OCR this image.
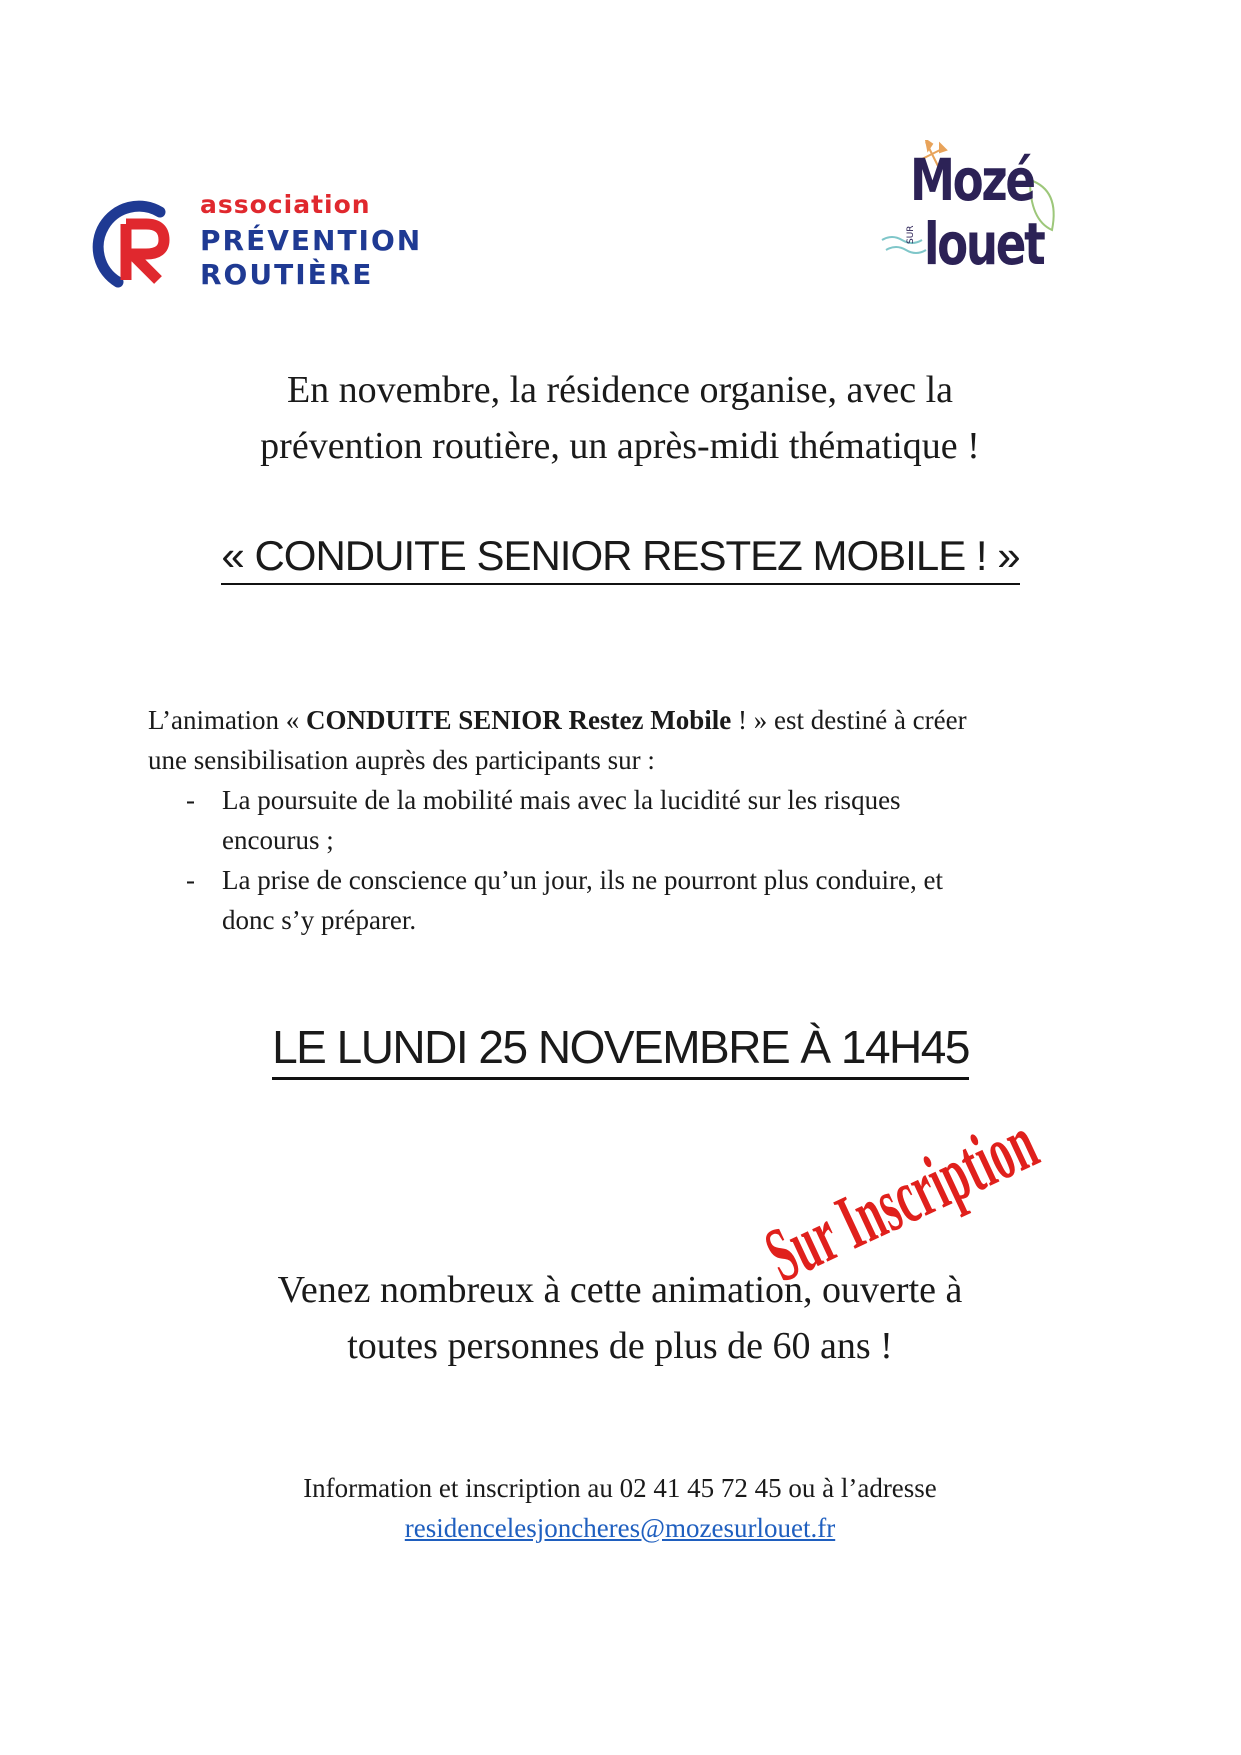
association
PRÉVENTION
ROUTIÈRE
Mozé
SUR louet
En novembre, la résidence organise, avec la
prévention routière, un après-midi thématique !
« CONDUITE SENIOR RESTEZ MOBILE ! »

L’animation « CONDUITE SENIOR Restez Mobile ! » est destiné à créer

une sensibilisation auprès des participants sur :

- La poursuite de la mobilité mais avec la lucidité sur les risques
encourus ;
- La prise de conscience qu’un jour, ils ne pourront plus conduire, et
donc s’y préparer.
LE LUNDI 25 NOVEMBRE À 14H45
Sur Inscription
Venez nombreux à cette animation, ouverte à
toutes personnes de plus de 60 ans !
Information et inscription au 02 41 45 72 45 ou à l’adresse
residencelesjoncheres@mozesurlouet.fr
